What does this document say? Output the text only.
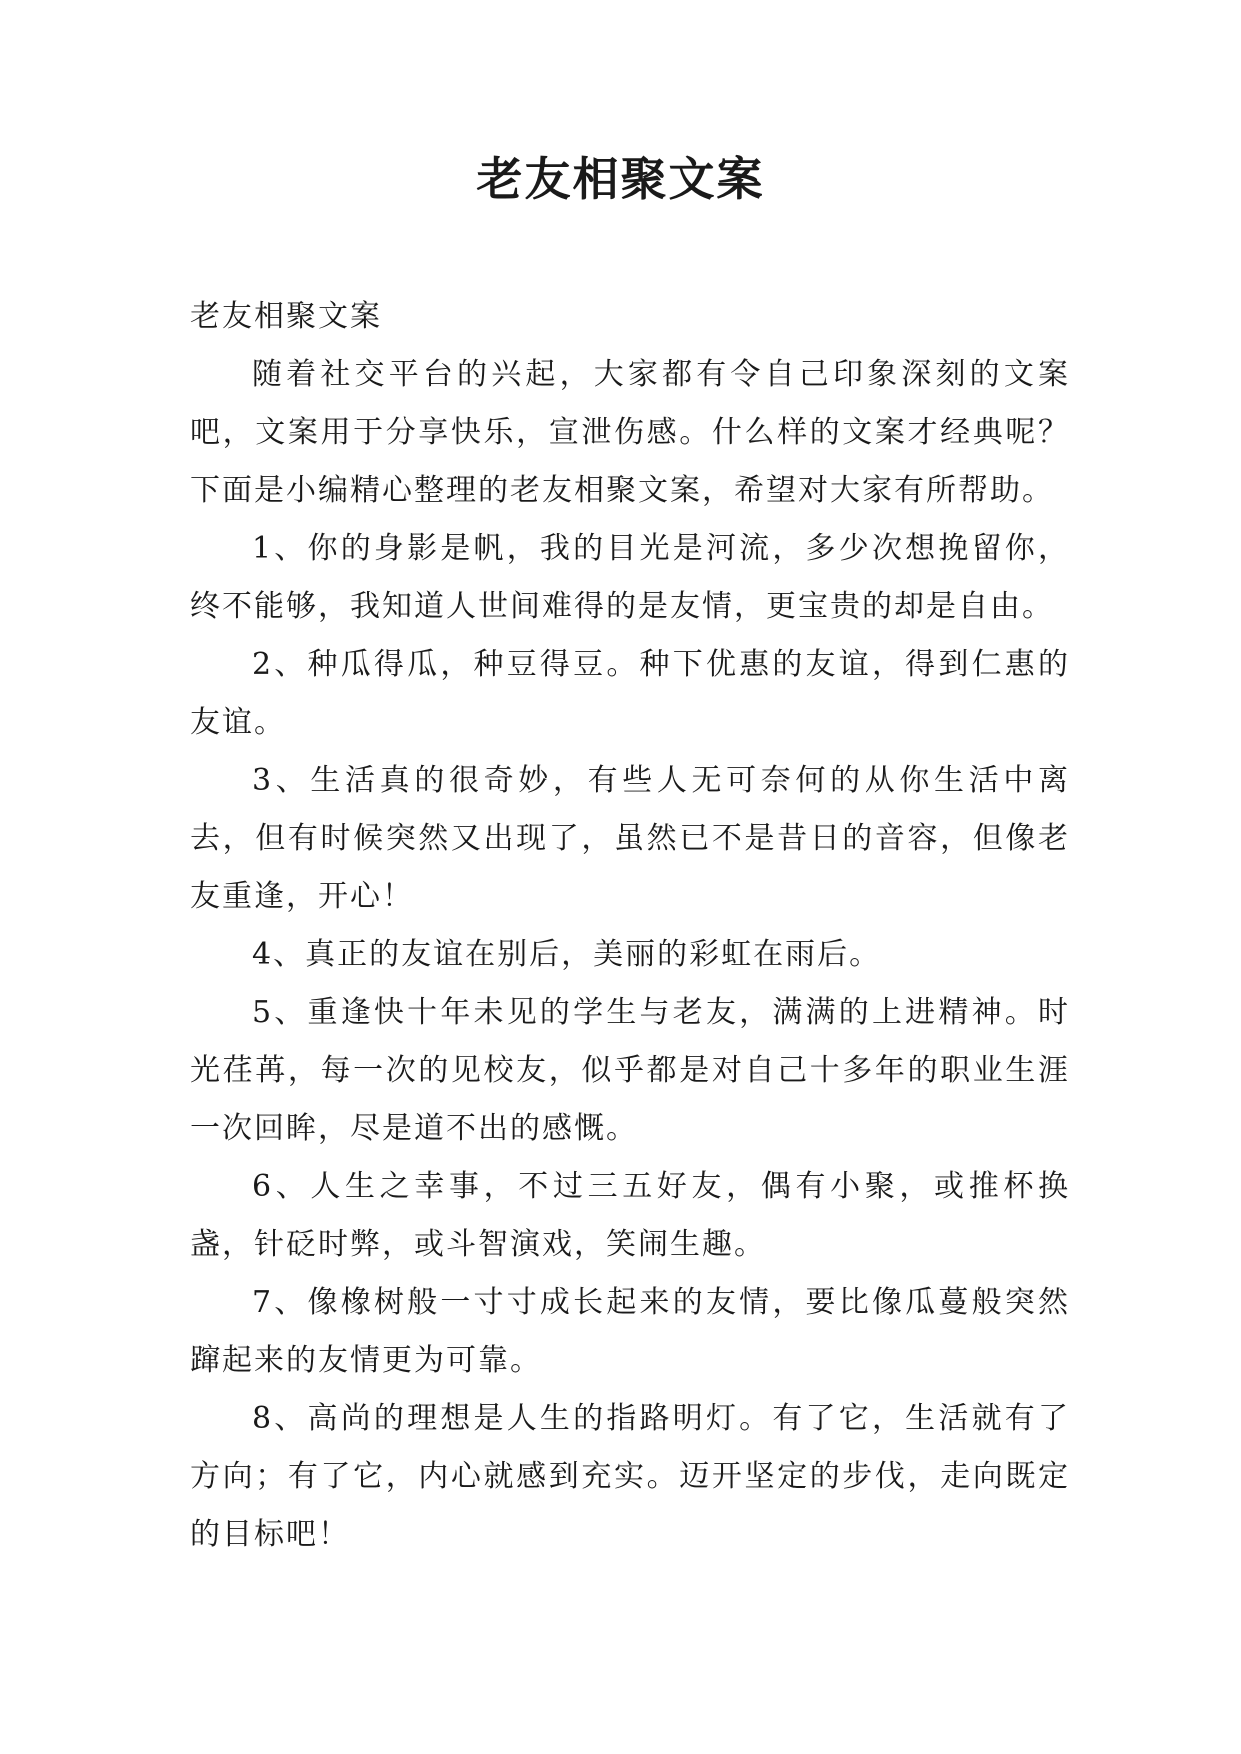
老友相聚文案

老友相聚文案

随着社交平台的兴起，大家都有令自己印象深刻的文案吧，文案用于分享快乐，宣泄伤感。什么样的文案才经典呢？下面是小编精心整理的老友相聚文案，希望对大家有所帮助。

1、你的身影是帆，我的目光是河流，多少次想挽留你，终不能够，我知道人世间难得的是友情，更宝贵的却是自由。

2、种瓜得瓜，种豆得豆。种下优惠的友谊，得到仁惠的友谊。

3、生活真的很奇妙，有些人无可奈何的从你生活中离去，但有时候突然又出现了，虽然已不是昔日的音容，但像老友重逢，开心！

4、真正的友谊在别后，美丽的彩虹在雨后。

5、重逢快十年未见的学生与老友，满满的上进精神。时光荏苒，每一次的见校友，似乎都是对自己十多年的职业生涯一次回眸，尽是道不出的感慨。

6、人生之幸事，不过三五好友，偶有小聚，或推杯换盏，针砭时弊，或斗智演戏，笑闹生趣。

7、像橡树般一寸寸成长起来的友情，要比像瓜蔓般突然蹿起来的友情更为可靠。

8、高尚的理想是人生的指路明灯。有了它，生活就有了方向；有了它，内心就感到充实。迈开坚定的步伐，走向既定的目标吧！
